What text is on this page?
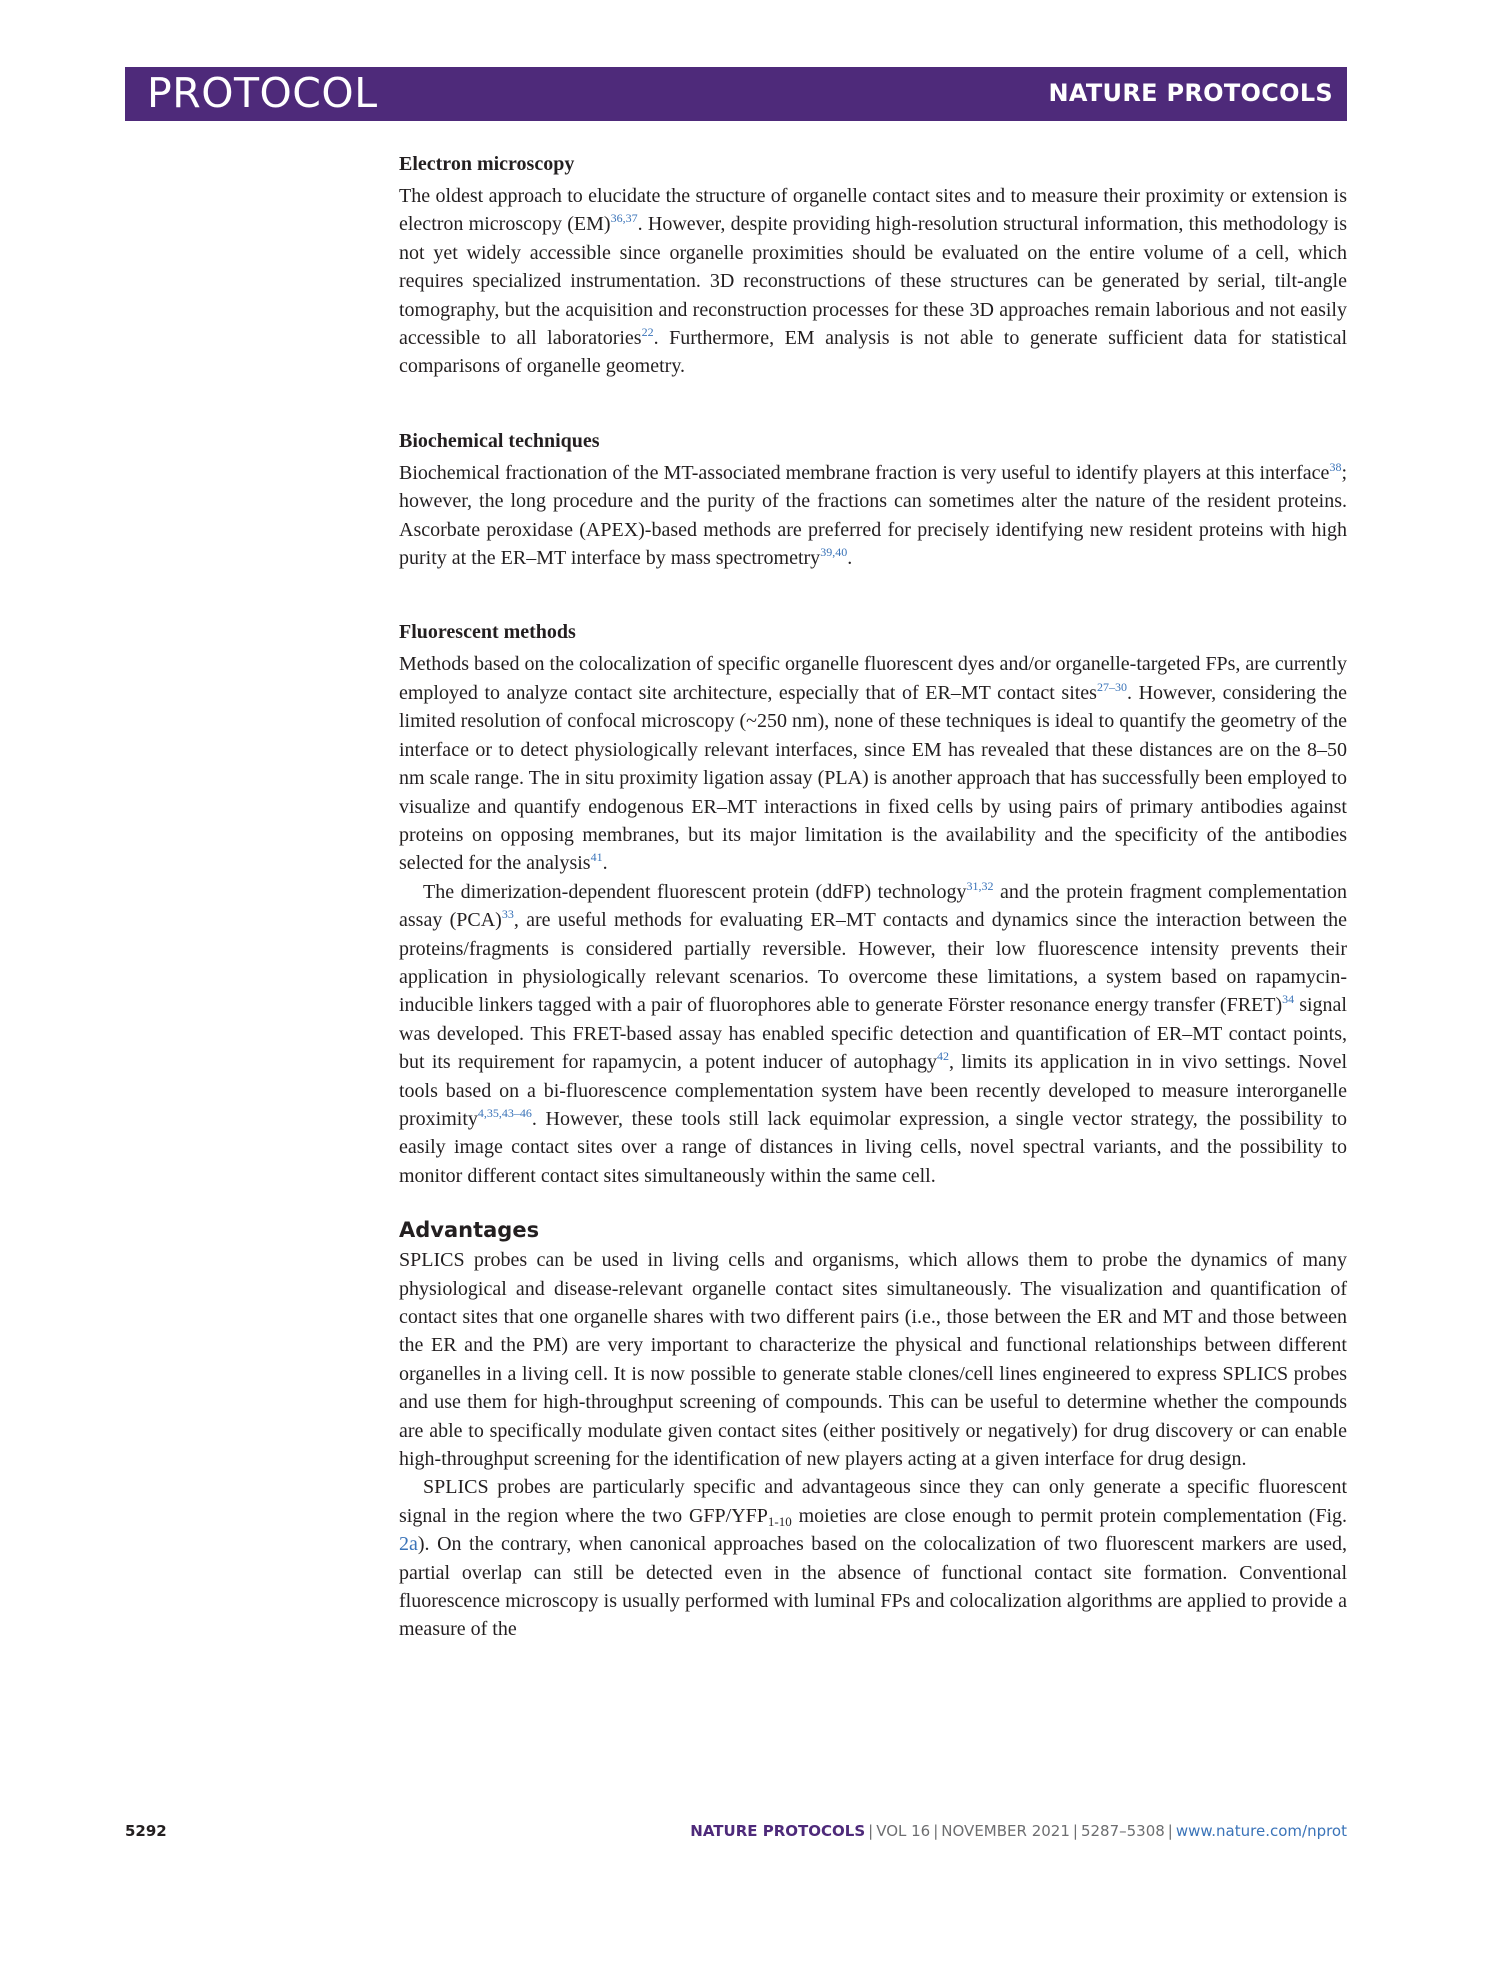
PROTOCOL	NATURE PROTOCOLS
Electron microscopy

The oldest approach to elucidate the structure of organelle contact sites and to measure their proximity or extension is electron microscopy (EM)$^{36,37}$. However, despite providing high-resolution structural information, this methodology is not yet widely accessible since organelle proximities should be evaluated on the entire volume of a cell, which requires specialized instrumentation. 3D reconstructions of these structures can be generated by serial, tilt-angle tomography, but the acquisition and reconstruction processes for these 3D approaches remain laborious and not easily accessible to all laboratories$^{22}$. Furthermore, EM analysis is not able to generate sufficient data for statistical comparisons of organelle geometry.

Biochemical techniques

Biochemical fractionation of the MT-associated membrane fraction is very useful to identify players at this interface$^{38}$; however, the long procedure and the purity of the fractions can sometimes alter the nature of the resident proteins. Ascorbate peroxidase (APEX)-based methods are preferred for precisely identifying new resident proteins with high purity at the ER–MT interface by mass spectrometry$^{39,40}$.

Fluorescent methods

Methods based on the colocalization of specific organelle fluorescent dyes and/or organelle-targeted FPs, are currently employed to analyze contact site architecture, especially that of ER–MT contact sites$^{27-30}$. However, considering the limited resolution of confocal microscopy (~250 nm), none of these techniques is ideal to quantify the geometry of the interface or to detect physiologically relevant interfaces, since EM has revealed that these distances are on the 8–50 nm scale range. The in situ proximity ligation assay (PLA) is another approach that has successfully been employed to visualize and quantify endogenous ER–MT interactions in fixed cells by using pairs of primary antibodies against proteins on opposing membranes, but its major limitation is the availability and the specificity of the antibodies selected for the analysis$^{41}$.

The dimerization-dependent fluorescent protein (ddFP) technology$^{31,32}$ and the protein fragment complementation assay (PCA)$^{33}$, are useful methods for evaluating ER–MT contacts and dynamics since the interaction between the proteins/fragments is considered partially reversible. However, their low fluorescence intensity prevents their application in physiologically relevant scenarios. To overcome these limitations, a system based on rapamycin-inducible linkers tagged with a pair of fluorophores able to generate Förster resonance energy transfer (FRET)$^{34}$ signal was developed. This FRET-based assay has enabled specific detection and quantification of ER–MT contact points, but its requirement for rapamycin, a potent inducer of autophagy$^{42}$, limits its application in in vivo settings. Novel tools based on a bi-fluorescence complementation system have been recently developed to measure interorganelle proximity$^{4,35,43-46}$. However, these tools still lack equimolar expression, a single vector strategy, the possibility to easily image contact sites over a range of distances in living cells, novel spectral variants, and the possibility to monitor different contact sites simultaneously within the same cell.

Advantages

SPLICS probes can be used in living cells and organisms, which allows them to probe the dynamics of many physiological and disease-relevant organelle contact sites simultaneously. The visualization and quantification of contact sites that one organelle shares with two different pairs (i.e., those between the ER and MT and those between the ER and the PM) are very important to characterize the physical and functional relationships between different organelles in a living cell. It is now possible to generate stable clones/cell lines engineered to express SPLICS probes and use them for high-throughput screening of compounds. This can be useful to determine whether the compounds are able to specifically modulate given contact sites (either positively or negatively) for drug discovery or can enable high-throughput screening for the identification of new players acting at a given interface for drug design.

SPLICS probes are particularly specific and advantageous since they can only generate a specific fluorescent signal in the region where the two GFP/$YFP_{1-10}$ moieties are close enough to permit protein complementation (Fig. 2a). On the contrary, when canonical approaches based on the colocalization of two fluorescent markers are used, partial overlap can still be detected even in the absence of functional contact site formation. Conventional fluorescence microscopy is usually performed with luminal FPs and colocalization algorithms are applied to provide a measure of the

5292	NATURE PROTOCOLS | VOL 16 | NOVEMBER 2021 | 5287–5308 | www.nature.com/nprot
